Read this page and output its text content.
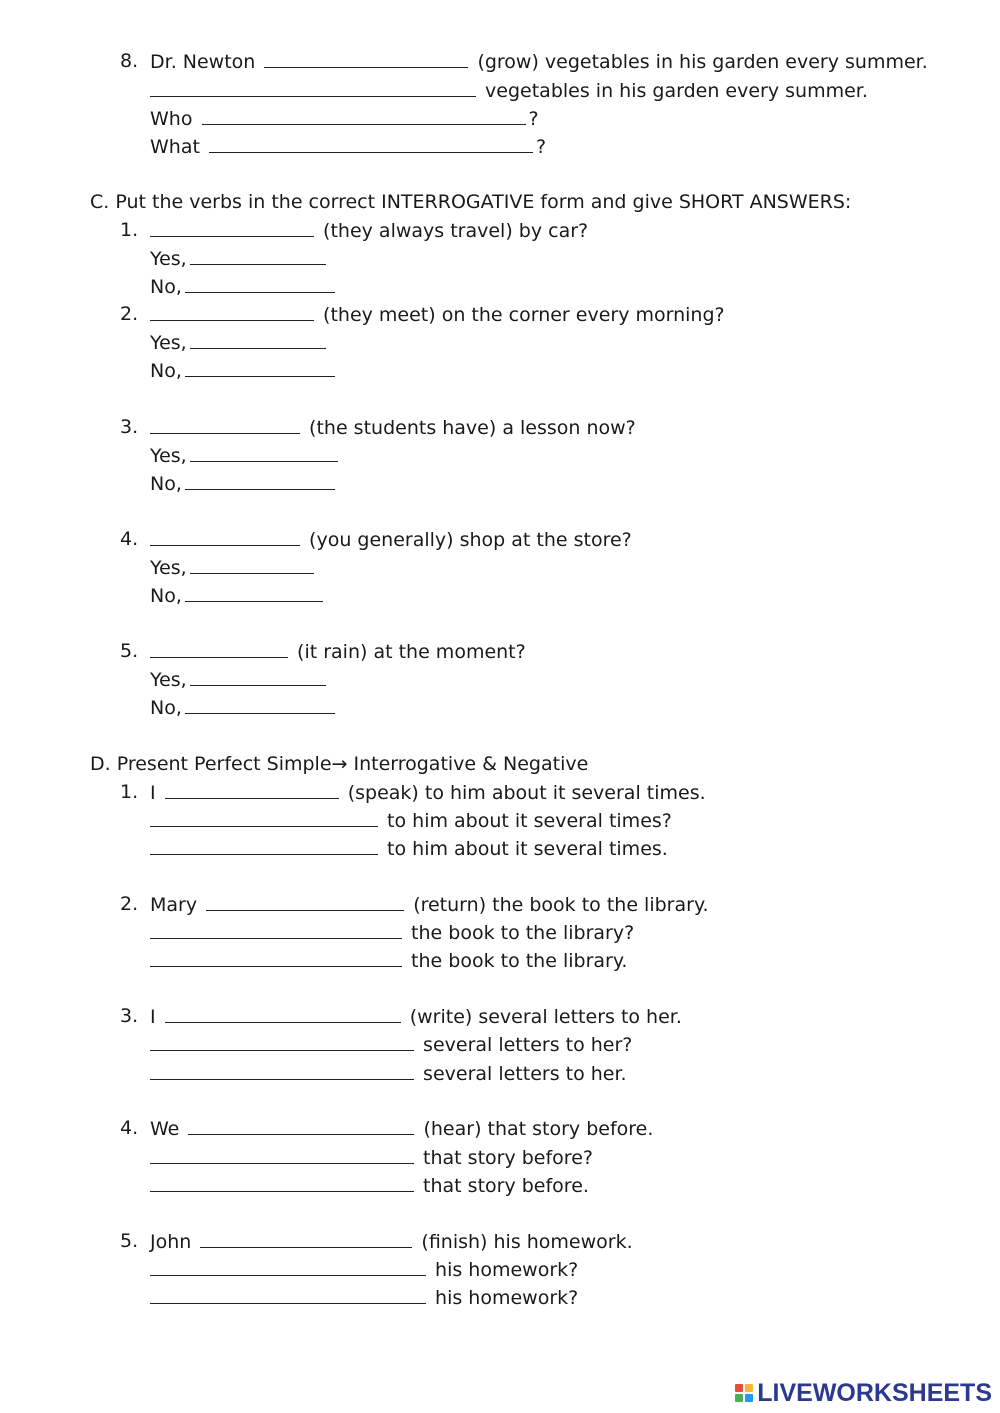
8. Dr. Newton	(grow) vegetables in his garden every summer.
vegetables in his garden every summer.
Who	?
What	?
C. Put the verbs in the correct INTERROGATIVE form and give SHORT ANSWERS:
1.	(they always travel) by car?
Yes,
No,
2.	(they meet) on the corner every morning?
Yes,
No,
3.	(the students have) a lesson now?
Yes,
No,
4.	(you generally) shop at the store?
Yes,
No,
5.	(it rain) at the moment?
Yes,
No,
D. Present Perfect Simple→ Interrogative & Negative
1. I	(speak) to him about it several times.
to him about it several times?
to him about it several times.
2. Mary	(return) the book to the library.
the book to the library?
the book to the library.
3. I	(write) several letters to her.
several letters to her?
several letters to her.
4. We	(hear) that story before.
that story before?
that story before.
5. John	(finish) his homework.
his homework?
his homework?
LIVEWORKSHEETS
